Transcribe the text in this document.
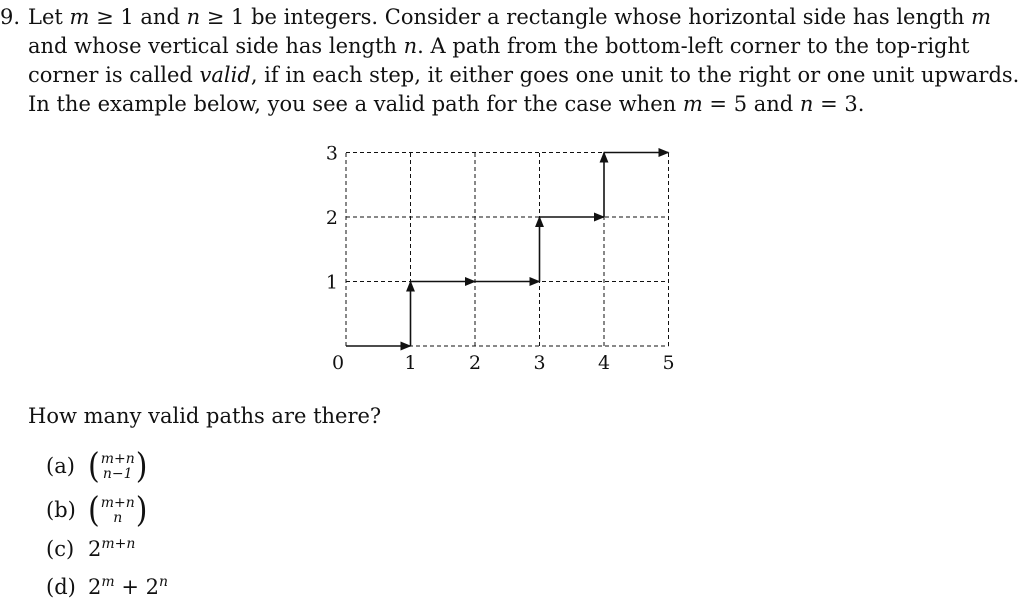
9. Let m ≥ 1 and n ≥ 1 be integers. Consider a rectangle whose horizontal side has length m
and whose vertical side has length n. A path from the bottom-left corner to the top-right
corner is called valid, if in each step, it either goes one unit to the right or one unit upwards.
In the example below, you see a valid path for the case when m = 5 and n = 3.
0	1	2	3	4	5
1
2
3
How many valid paths are there?
(a) ( m+n
n−1 )
(b) ( m+n
n )
(c) $2^{m+n}$
(d) $2^m + 2^n$
